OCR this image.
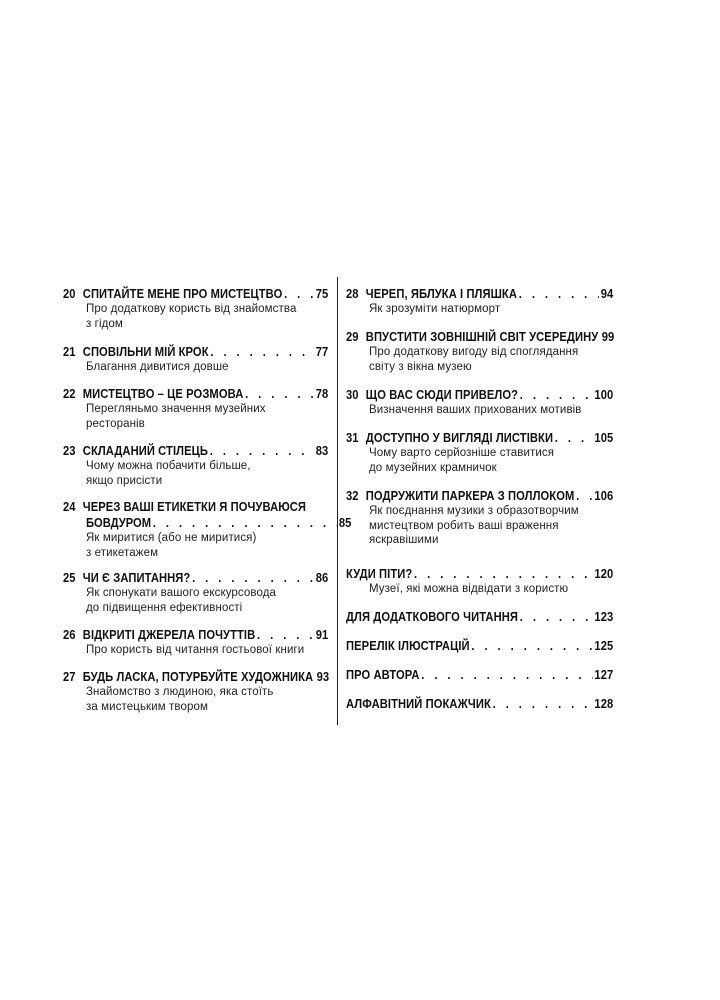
20 СПИТАЙТЕ МЕНЕ ПРО МИСТЕЦТВО . . .	75
Про додаткову користь від знайомства
з гідом
21 СПОВІЛЬНИ МІЙ КРОК . . .	77
Благання дивитися довше
22 МИСТЕЦТВО – ЦЕ РОЗМОВА . . .	78
Перегляньмо значення музейних
ресторанів
23 СКЛАДАНИЙ СТІЛЕЦЬ . . .	83
Чому можна побачити більше,
якщо присісти
24 ЧЕРЕЗ ВАШІ ЕТИКЕТКИ Я ПОЧУВАЮСЯ
БОВДУРОМ . . .	85
Як миритися (або не миритися)
з етикетажем
25 ЧИ Є ЗАПИТАННЯ? . . .	86
Як спонукати вашого екскурсовода
до підвищення ефективності
26 ВІДКРИТІ ДЖЕРЕЛА ПОЧУТТІВ . . .	91
Про користь від читання гостьової книги
27 БУДЬ ЛАСКА, ПОТУРБУЙТЕ ХУДОЖНИКА 93
Знайомство з людиною, яка стоїть
за мистецьким твором
28 ЧЕРЕП, ЯБЛУКА І ПЛЯШКА . . .	94
Як зрозуміти натюрморт
29 ВПУСТИТИ ЗОВНІШНІЙ СВІТ УСЕРЕДИНУ 99
Про додаткову вигоду від споглядання
світу з вікна музею
30 ЩО ВАС СЮДИ ПРИВЕЛО? . . .	100
Визначення ваших прихованих мотивів
31 ДОСТУПНО У ВИГЛЯДІ ЛИСТІВКИ . . .	105
Чому варто серйозніше ставитися
до музейних крамничок
32 ПОДРУЖИТИ ПАРКЕРА З ПОЛЛОКОМ . . . 106
Як поєднання музики з образотворчим
мистецтвом робить ваші враження
яскравішими
КУДИ ПІТИ? . . .	120
Музеї, які можна відвідати з користю
ДЛЯ ДОДАТКОВОГО ЧИТАННЯ . . .	123
ПЕРЕЛІК ІЛЮСТРАЦІЙ . . .	125
ПРО АВТОРА . . .	127
АЛФАВІТНИЙ ПОКАЖЧИК . . .	128
